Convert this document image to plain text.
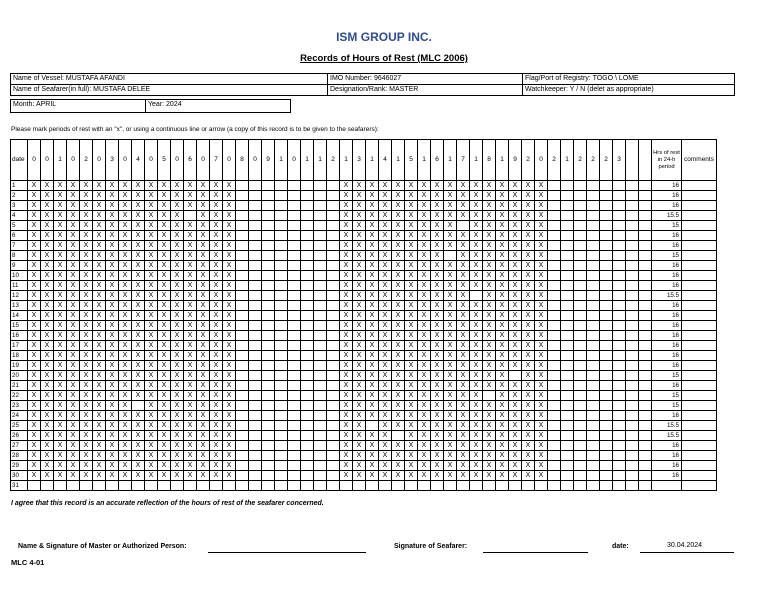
ISM GROUP INC.
Records of Hours of Rest (MLC 2006)
Name of Vessel: MUSTAFA AFANDI
Name of Seafarer(in full): MUSTAFA DELEE
Month: APRIL	Year: 2024
IMO Number: 9646027
Designation/Rank: MASTER
Flag/Port of Registry: TOGO \ LOME
Watchkeeper: Y / N (delet as appropriate)
Please mark periods of rest with an "x", or using a continuous line or arrow (a copy of this record is to be given to the seafarers):
date	0	0	1	0	2	0	3	0	4	0	5	0	6	0	7	0	8	0	9	1	0	1	1	2	1	3	1	4	1	5	1	6	1	7	1	8	1	9	2	0	2	1	2	2	2	3			Hrs of rest in 24-h period	comments
1	X	X	X	X	X	X	X	X	X	X	X	X	X	X	X	X									X	X	X	X	X	X	X	X	X	X	X	X	X	X	X	X									16	
2	X	X	X	X	X	X	X	X	X	X	X	X	X	X	X	X									X	X	X	X	X	X	X	X	X	X	X	X	X	X	X	X									16	
3	X	X	X	X	X	X	X	X	X	X	X	X	X	X	X	X									X	X	X	X	X	X	X	X	X	X	X	X	X	X	X	X									16	
4	X	X	X	X	X	X	X	X	X	X	X	X		X	X	X									X	X	X	X	X	X	X	X	X	X	X	X	X	X	X	X									15.5	
5	X	X	X	X	X	X	X	X	X	X	X	X	X	X	X	X									X	X	X	X	X	X	X	X	X		X	X	X	X	X	X									15	
6	X	X	X	X	X	X	X	X	X	X	X	X	X	X	X	X									X	X	X	X	X	X	X	X	X	X	X	X	X	X	X	X									16	
7	X	X	X	X	X	X	X	X	X	X	X	X	X	X	X	X									X	X	X	X	X	X	X	X	X	X	X	X	X	X	X	X									16	
8	X	X	X	X	X	X	X	X	X	X	X	X	X	X	X	X									X	X	X	X	X	X	X	X		X	X	X	X	X	X	X									15	
9	X	X	X	X	X	X	X	X	X	X	X	X	X	X	X	X									X	X	X	X	X	X	X	X	X	X	X	X	X	X	X	X									16	
10	X	X	X	X	X	X	X	X	X	X	X	X	X	X	X	X									X	X	X	X	X	X	X	X	X	X	X	X	X	X	X	X									16	
11	X	X	X	X	X	X	X	X	X	X	X	X	X	X	X	X									X	X	X	X	X	X	X	X	X	X	X	X	X	X	X	X									16	
12	X	X	X	X	X	X	X	X	X	X	X	X	X	X	X	X									X	X	X	X	X	X	X	X	X	X		X	X	X	X	X									15.5	
13	X	X	X	X	X	X	X	X	X	X	X	X	X	X	X	X									X	X	X	X	X	X	X	X	X	X	X	X	X	X	X	X									16	
14	X	X	X	X	X	X	X	X	X	X	X	X	X	X	X	X									X	X	X	X	X	X	X	X	X	X	X	X	X	X	X	X									16	
15	X	X	X	X	X	X	X	X	X	X	X	X	X	X	X	X									X	X	X	X	X	X	X	X	X	X	X	X	X	X	X	X									16	
16	X	X	X	X	X	X	X	X	X	X	X	X	X	X	X	X									X	X	X	X	X	X	X	X	X	X	X	X	X	X	X	X									16	
17	X	X	X	X	X	X	X	X	X	X	X	X	X	X	X	X									X	X	X	X	X	X	X	X	X	X	X	X	X	X	X	X									16	
18	X	X	X	X	X	X	X	X	X	X	X	X	X	X	X	X									X	X	X	X	X	X	X	X	X	X	X	X	X	X	X	X									16	
19	X	X	X	X	X	X	X	X	X	X	X	X	X	X	X	X									X	X	X	X	X	X	X	X	X	X	X	X	X	X	X	X									16	
20	X	X	X	X	X	X	X	X	X	X	X	X	X	X	X	X									X	X	X	X	X	X	X	X	X	X	X	X	X		X	X									15	
21	X	X	X	X	X	X	X	X	X	X	X	X	X	X	X	X									X	X	X	X	X	X	X	X	X	X	X	X	X	X	X	X									16	
22	X	X	X	X	X	X	X	X	X	X	X	X	X	X	X	X									X	X	X	X	X	X	X	X	X	X	X		X	X	X	X									15	
23	X	X	X	X	X	X	X	X		X	X	X	X	X	X	X									X	X	X	X	X	X	X	X	X	X	X	X	X	X	X	X									15	
24	X	X	X	X	X	X	X	X	X	X	X	X	X	X	X	X									X	X	X	X	X	X	X	X	X	X	X	X	X	X	X	X									16	
25	X	X	X	X	X	X	X	X	X	X	X	X	X	X	X	X									X	X		X	X	X	X	X	X	X	X	X	X	X	X	X									15.5	
26	X	X	X	X	X	X	X	X	X	X	X	X	X	X	X	X									X	X	X	X		X	X	X	X	X	X	X	X	X	X	X									15.5	
27	X	X	X	X	X	X	X	X	X	X	X	X	X	X	X	X									X	X	X	X	X	X	X	X	X	X	X	X	X	X	X	X									16	
28	X	X	X	X	X	X	X	X	X	X	X	X	X	X	X	X									X	X	X	X	X	X	X	X	X	X	X	X	X	X	X	X									16	
29	X	X	X	X	X	X	X	X	X	X	X	X	X	X	X	X									X	X	X	X	X	X	X	X	X	X	X	X	X	X	X	X									16	
30	X	X	X	X	X	X	X	X	X	X	X	X	X	X	X	X									X	X	X	X	X	X	X	X	X	X	X	X	X	X	X	X									16	
31																																																		
I agree that this record is an accurate reflection of the hours of rest of the seafarer concerned.
Name & Signature of Master or Authorized Person:	Signature of Seafarer:	date:	30.04.2024
MLC 4-01
